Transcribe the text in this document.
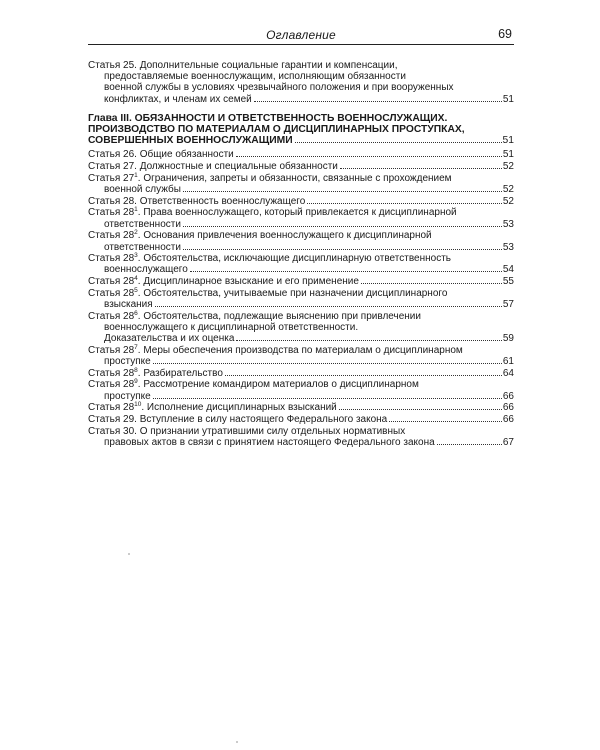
Оглавление	69
Статья 25. Дополнительные социальные гарантии и компенсации,
предоставляемые военнослужащим, исполняющим обязанности
военной службы в условиях чрезвычайного положения и при вооруженных
конфликтах, и членам их семей	51
Глава III. ОБЯЗАННОСТИ И ОТВЕТСТВЕННОСТЬ ВОЕННОСЛУЖАЩИХ.
ПРОИЗВОДСТВО ПО МАТЕРИАЛАМ О ДИСЦИПЛИНАРНЫХ ПРОСТУПКАХ,
СОВЕРШЕННЫХ ВОЕННОСЛУЖАЩИМИ	51
Статья 26. Общие обязанности	51
Статья 27. Должностные и специальные обязанности	52
Статья $27^1$. Ограничения, запреты и обязанности, связанные с прохождением
военной службы	52
Статья 28. Ответственность военнослужащего	52
Статья $28^1$. Права военнослужащего, который привлекается к дисциплинарной
ответственности	53
Статья $28^2$. Основания привлечения военнослужащего к дисциплинарной
ответственности	53
Статья $28^3$. Обстоятельства, исключающие дисциплинарную ответственность
военнослужащего	54
Статья $28^4$. Дисциплинарное взыскание и его применение	55
Статья $28^5$. Обстоятельства, учитываемые при назначении дисциплинарного
взыскания	57
Статья $28^6$. Обстоятельства, подлежащие выяснению при привлечении
военнослужащего к дисциплинарной ответственности.
Доказательства и их оценка	59
Статья $28^7$. Меры обеспечения производства по материалам о дисциплинарном
проступке	61
Статья $28^8$. Разбирательство	64
Статья $28^9$. Рассмотрение командиром материалов о дисциплинарном
проступке	66
Статья $28^{10}$. Исполнение дисциплинарных взысканий	66
Статья 29. Вступление в силу настоящего Федерального закона	66
Статья 30. О признании утратившими силу отдельных нормативных
правовых актов в связи с принятием настоящего Федерального закона	67
